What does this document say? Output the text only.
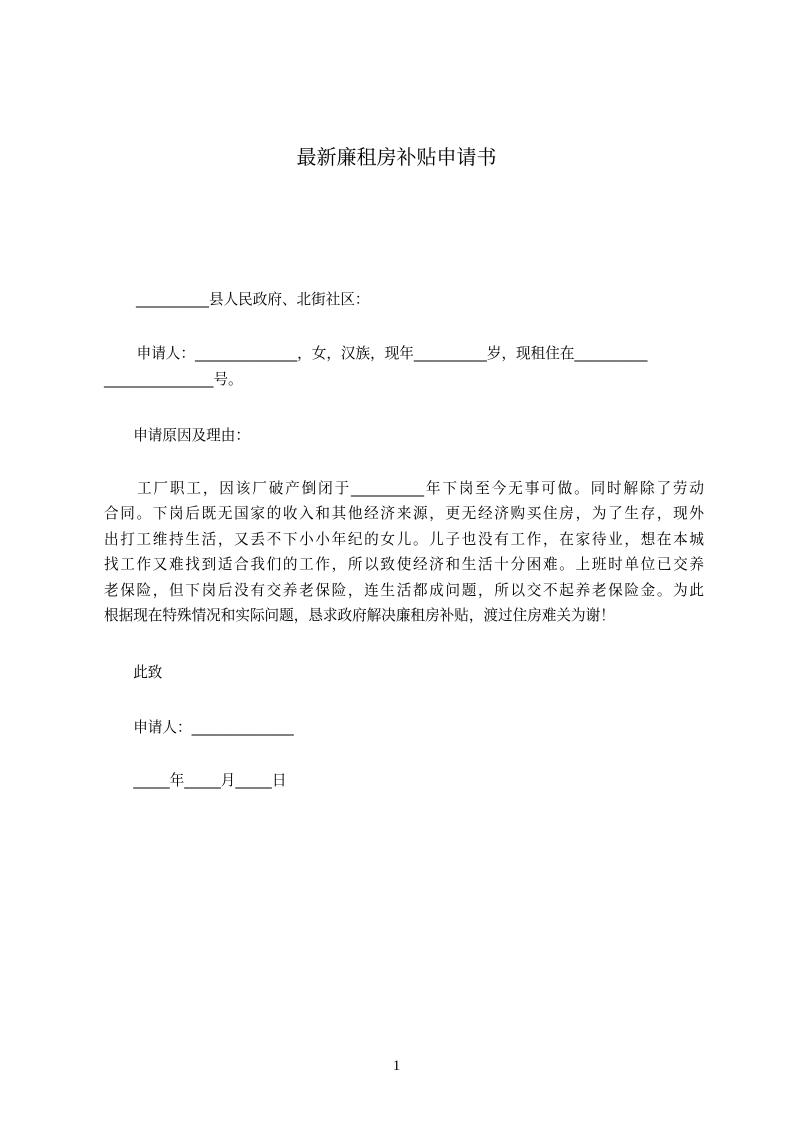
最新廉租房补贴申请书
__________县人民政府、北街社区：
　申请人：______________，女，汉族，现年__________岁，现租住在__________
_______________号。
　　申请原因及理由：
　　工厂职工，因该厂破产倒闭于__________年下岗至今无事可做。同时解除了劳动
合同。下岗后既无国家的收入和其他经济来源，更无经济购买住房，为了生存，现外
出打工维持生活，又丢不下小小年纪的女儿。儿子也没有工作，在家待业，想在本城
找工作又难找到适合我们的工作，所以致使经济和生活十分困难。上班时单位已交养
老保险，但下岗后没有交养老保险，连生活都成问题，所以交不起养老保险金。为此
根据现在特殊情况和实际问题，恳求政府解决廉租房补贴，渡过住房难关为谢！
　　此致
　　申请人：______________
　　_____年_____月_____日
1
